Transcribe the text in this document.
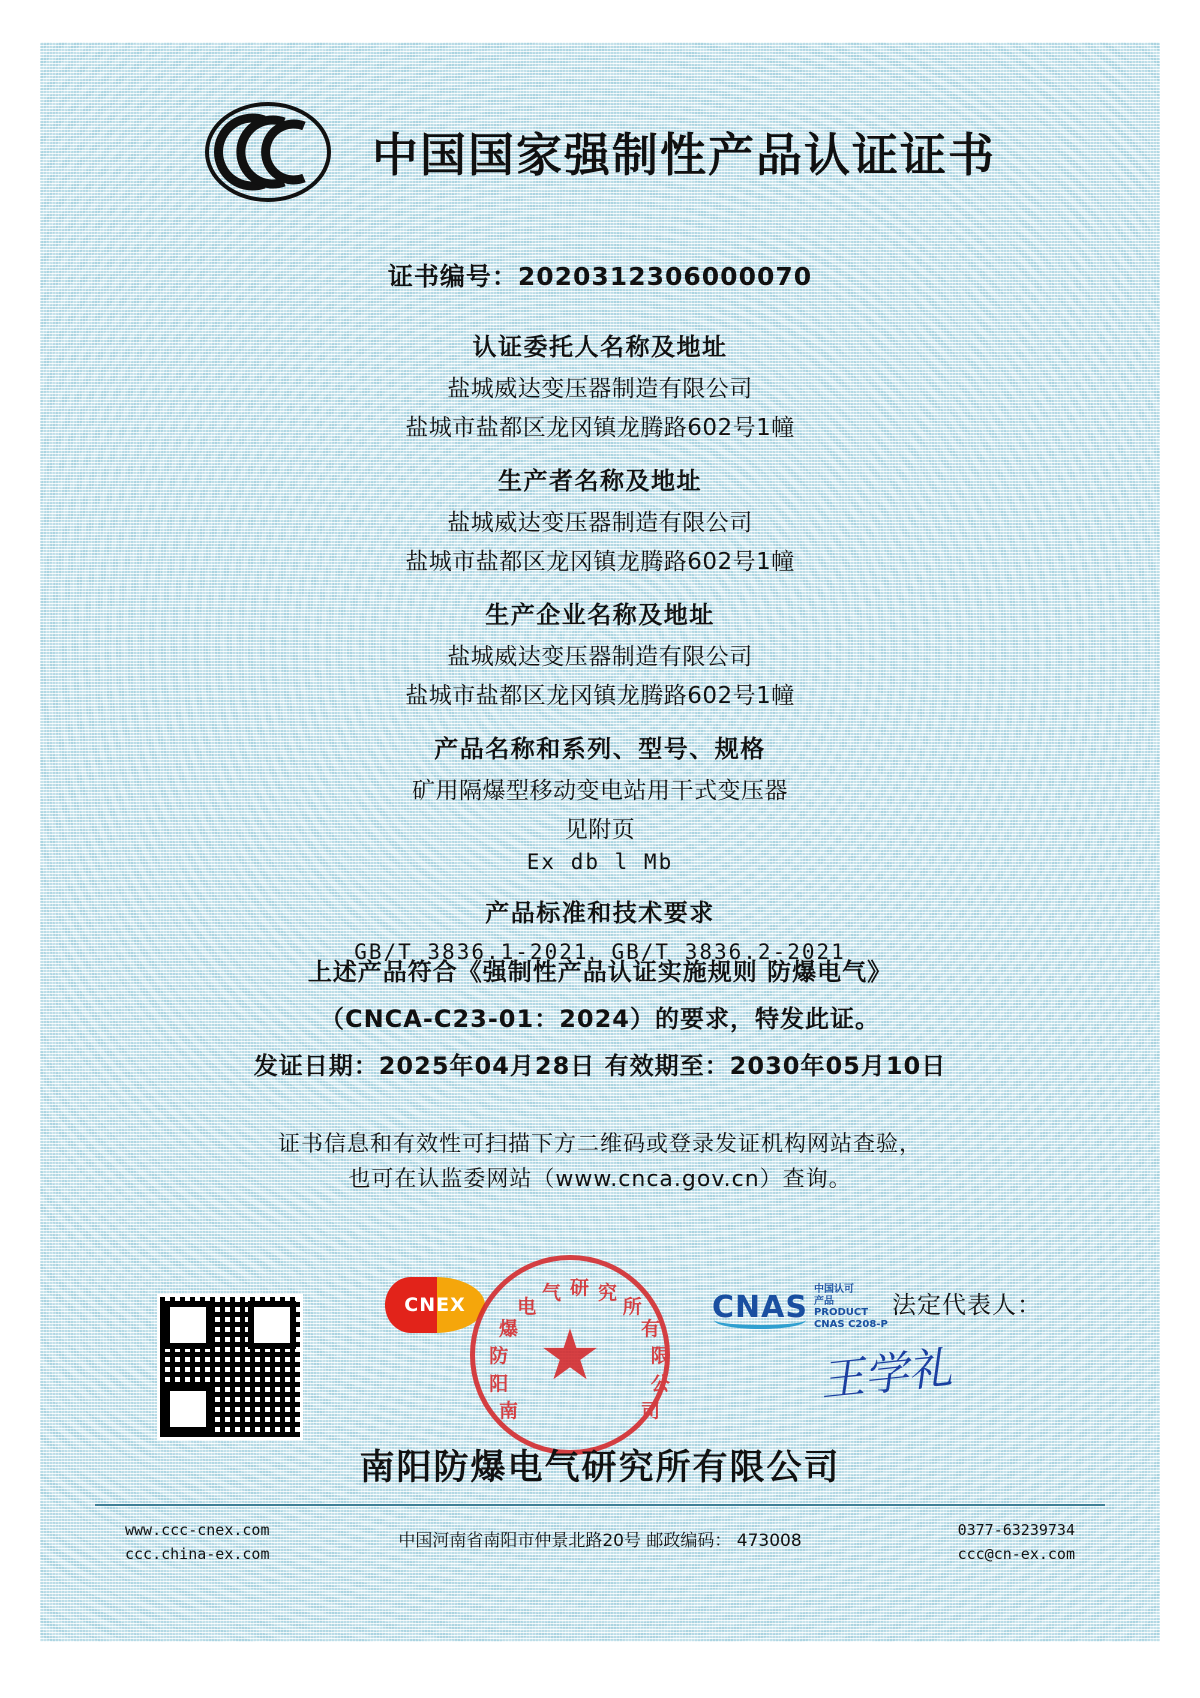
中国国家强制性产品认证证书
证书编号：2020312306000070
认证委托人名称及地址
盐城威达变压器制造有限公司
盐城市盐都区龙冈镇龙腾路602号1幢
生产者名称及地址
盐城威达变压器制造有限公司
盐城市盐都区龙冈镇龙腾路602号1幢
生产企业名称及地址
盐城威达变压器制造有限公司
盐城市盐都区龙冈镇龙腾路602号1幢
产品名称和系列、型号、规格
矿用隔爆型移动变电站用干式变压器
见附页
Ex db l Mb
产品标准和技术要求
GB/T 3836.1-2021，GB/T 3836.2-2021
上述产品符合《强制性产品认证实施规则 防爆电气》
（CNCA-C23-01：2024）的要求，特发此证。
发证日期：2025年04月28日 有效期至：2030年05月10日
证书信息和有效性可扫描下方二维码或登录发证机构网站查验，
也可在认监委网站（www.cnca.gov.cn）查询。
CNEX
南
阳
防
爆
电
气 研 究
所
有
限
公
司
★
CNAS 中国认可
产品
PRODUCT
CNAS C208-P
法定代表人：
王学礼
南阳防爆电气研究所有限公司
www.ccc-cnex.com
ccc.china-ex.com
中国河南省南阳市仲景北路20号 邮政编码： 473008
0377-63239734
ccc@cn-ex.com
